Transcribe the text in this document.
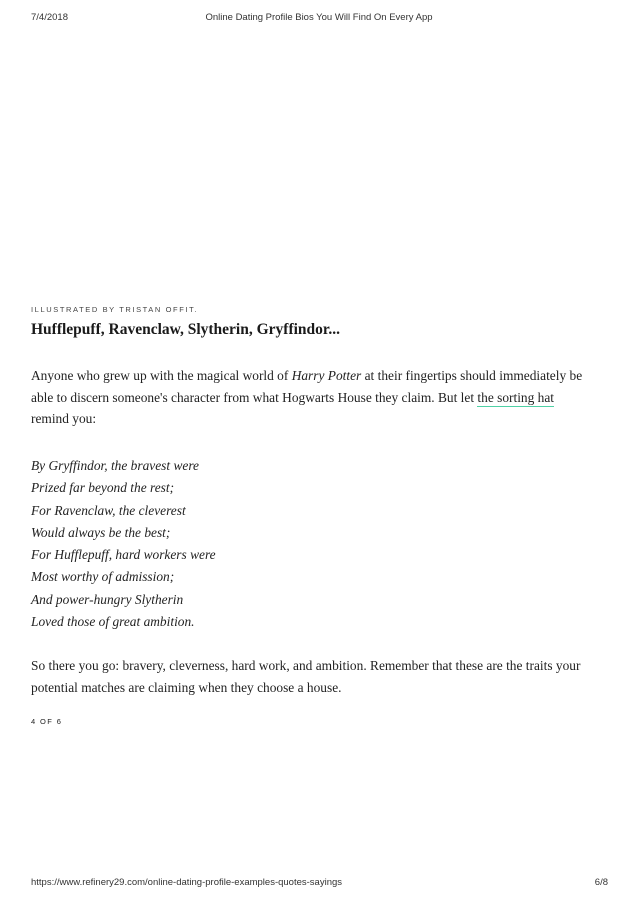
7/4/2018	Online Dating Profile Bios You Will Find On Every App
ILLUSTRATED BY TRISTAN OFFIT.
Hufflepuff, Ravenclaw, Slytherin, Gryffindor...

Anyone who grew up with the magical world of Harry Potter at their fingertips should immediately be able to discern someone's character from what Hogwarts House they claim. But let the sorting hat remind you:

By Gryffindor, the bravest were
Prized far beyond the rest;
For Ravenclaw, the cleverest
Would always be the best;
For Hufflepuff, hard workers were
Most worthy of admission;
And power-hungry Slytherin
Loved those of great ambition.

So there you go: bravery, cleverness, hard work, and ambition. Remember that these are the traits your potential matches are claiming when they choose a house.

4 OF 6
https://www.refinery29.com/online-dating-profile-examples-quotes-sayings	6/8
